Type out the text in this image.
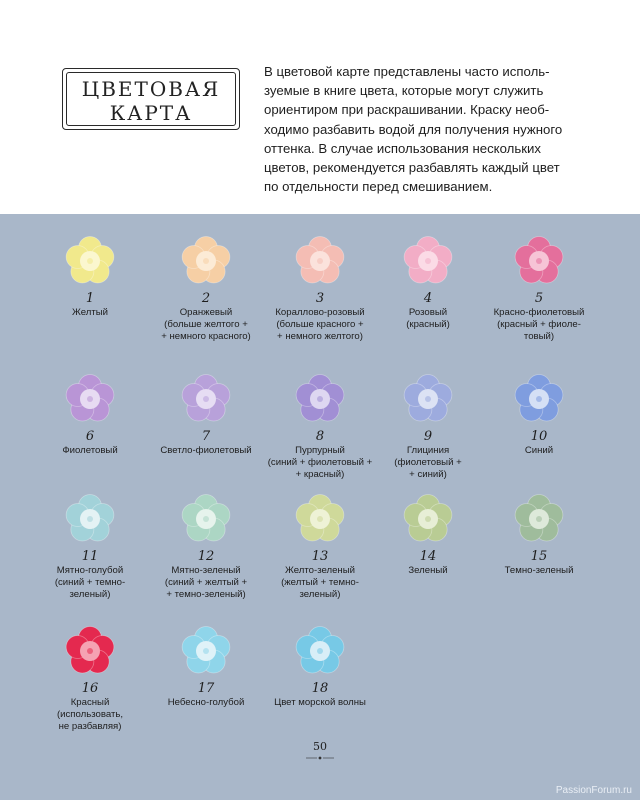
ЦВЕТОВАЯ
КАРТА
В цветовой карте представлены часто исполь-
зуемые в книге цвета, которые могут служить
ориентиром при раскрашивании. Краску необ-
ходимо разбавить водой для получения нужного
оттенка. В случае использования нескольких
цветов, рекомендуется разбавлять каждый цвет
по отдельности перед смешиванием.
1
Желтый
2
Оранжевый
(больше желтого +
+ немного красного)
3
Кораллово-розовый
(больше красного +
+ немного желтого)
4
Розовый
(красный)
5
Красно-фиолетовый
(красный + фиоле-
товый)
6
Фиолетовый
7
Светло-фиолетовый
8
Пурпурный
(синий + фиолетовый +
+ красный)
9
Глициния
(фиолетовый +
+ синий)
10
Синий
11
Мятно-голубой
(синий + темно-
зеленый)
12
Мятно-зеленый
(синий + желтый +
+ темно-зеленый)
13
Желто-зеленый
(желтый + темно-
зеленый)
14
Зеленый
15
Темно-зеленый
16
Красный
(использовать,
не разбавляя)
17
Небесно-голубой
18
Цвет морской волны
50
PassionForum.ru
